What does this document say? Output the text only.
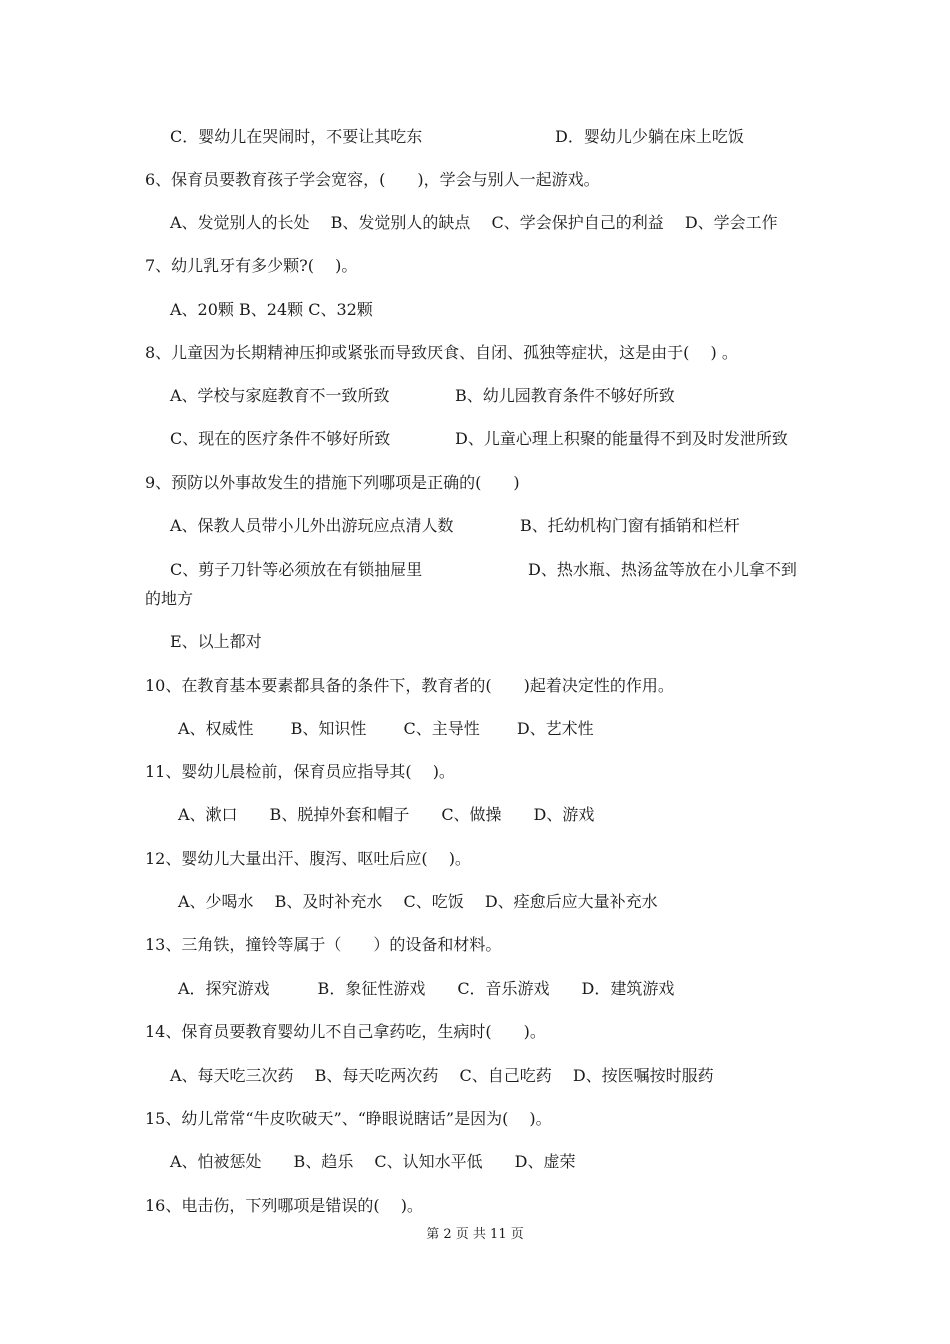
C．婴幼儿在哭闹时，不要让其吃东	D．婴幼儿少躺在床上吃饭
6、保育员要教育孩子学会宽容，(　　)，学会与别人一起游戏。
A、发觉别人的长处　 B、发觉别人的缺点　 C、学会保护自己的利益　 D、学会工作
7、幼儿乳牙有多少颗?(　 )。
A、20颗 B、24颗 C、32颗
8、儿童因为长期精神压抑或紧张而导致厌食、自闭、孤独等症状，这是由于(　 ) 。
A、学校与家庭教育不一致所致	B、幼儿园教育条件不够好所致
C、现在的医疗条件不够好所致	D、儿童心理上积聚的能量得不到及时发泄所致
9、预防以外事故发生的措施下列哪项是正确的(　　)
A、保教人员带小儿外出游玩应点清人数	B、托幼机构门窗有插销和栏杆
C、剪子刀针等必须放在有锁抽屉里	D、热水瓶、热汤盆等放在小儿拿不到
的地方
E、以上都对
10、在教育基本要素都具备的条件下，教育者的(　　)起着决定性的作用。
A、权威性　　 B、知识性　　 C、主导性　　 D、艺术性
11、婴幼儿晨检前，保育员应指导其(　 )。
A、漱口　　B、脱掉外套和帽子　　C、做操　　D、游戏
12、婴幼儿大量出汗、腹泻、呕吐后应(　 )。
A、少喝水　 B、及时补充水　 C、吃饭　 D、痊愈后应大量补充水
13、三角铁，撞铃等属于（　　）的设备和材料。
A．探究游戏　　　B．象征性游戏　　C．音乐游戏　　D．建筑游戏
14、保育员要教育婴幼儿不自己拿药吃，生病时(　　)。
A、每天吃三次药　 B、每天吃两次药　 C、自己吃药　 D、按医嘱按时服药
15、幼儿常常“牛皮吹破天”、“睁眼说瞎话”是因为(　 )。
A、怕被惩处　　B、趋乐　 C、认知水平低　　D、虚荣
16、电击伤，下列哪项是错误的(　 )。
第 2 页 共 11 页
